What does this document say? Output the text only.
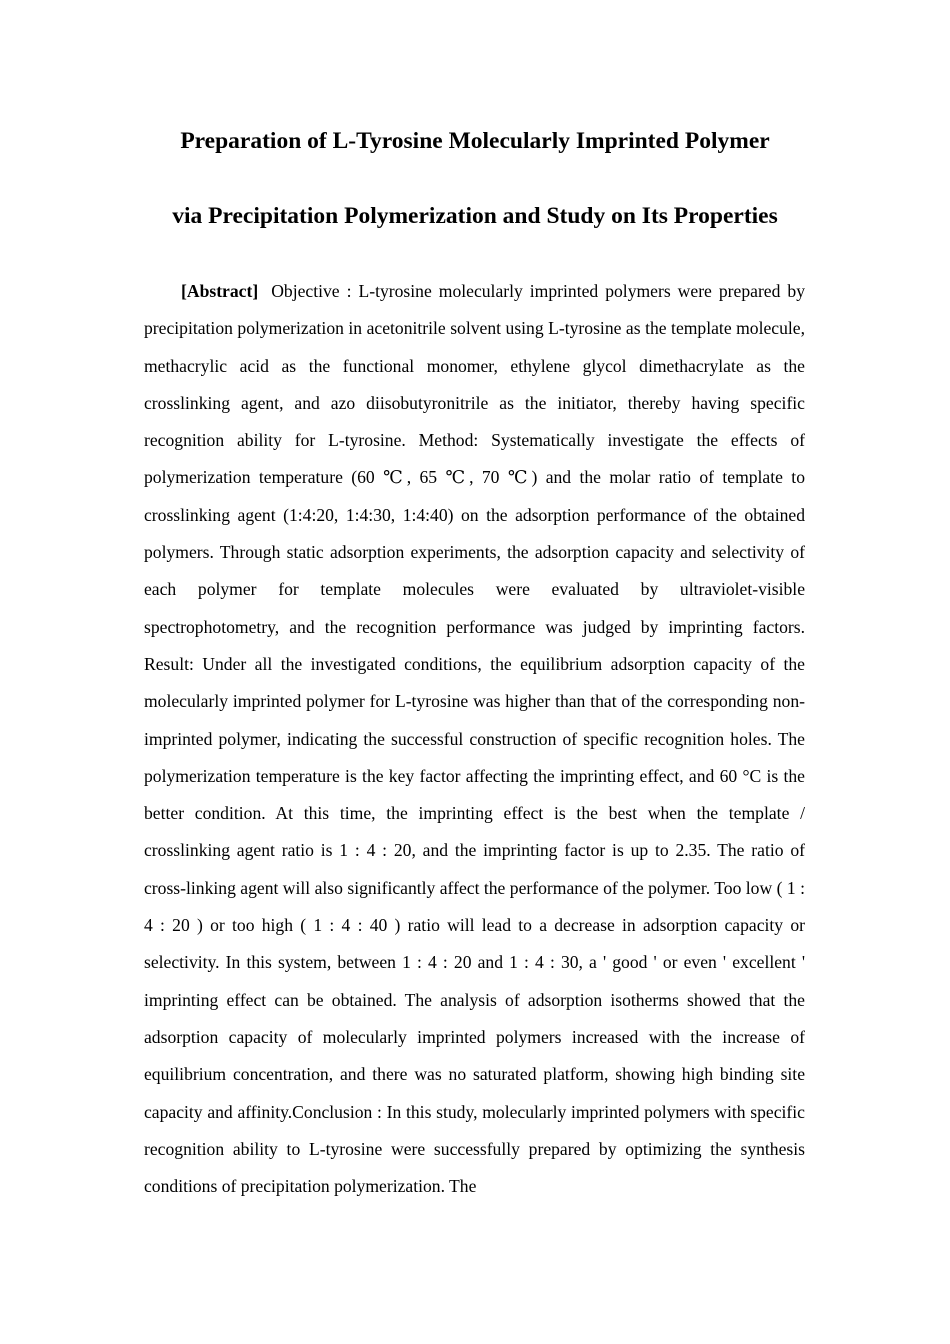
Preparation of L-Tyrosine Molecularly Imprinted Polymer
via Precipitation Polymerization and Study on Its Properties

[Abstract] Objective : L-tyrosine molecularly imprinted polymers were prepared by precipitation polymerization in acetonitrile solvent using L-tyrosine as the template molecule, methacrylic acid as the functional monomer, ethylene glycol dimethacrylate as the crosslinking agent, and azo diisobutyronitrile as the initiator, thereby having specific recognition ability for L-tyrosine. Method: Systematically investigate the effects of polymerization temperature (60 ℃, 65 ℃, 70 ℃) and the molar ratio of template to crosslinking agent (1:4:20, 1:4:30, 1:4:40) on the adsorption performance of the obtained polymers. Through static adsorption experiments, the adsorption capacity and selectivity of each polymer for template molecules were evaluated by ultraviolet-visible spectrophotometry, and the recognition performance was judged by imprinting factors. Result: Under all the investigated conditions, the equilibrium adsorption capacity of the molecularly imprinted polymer for L-tyrosine was higher than that of the corresponding non-imprinted polymer, indicating the successful construction of specific recognition holes. The polymerization temperature is the key factor affecting the imprinting effect, and 60 °C is the better condition. At this time, the imprinting effect is the best when the template / crosslinking agent ratio is 1 : 4 : 20, and the imprinting factor is up to 2.35. The ratio of cross-linking agent will also significantly affect the performance of the polymer. Too low ( 1 : 4 : 20 ) or too high ( 1 : 4 : 40 ) ratio will lead to a decrease in adsorption capacity or selectivity. In this system, between 1 : 4 : 20 and 1 : 4 : 30, a ' good ' or even ' excellent ' imprinting effect can be obtained. The analysis of adsorption isotherms showed that the adsorption capacity of molecularly imprinted polymers increased with the increase of equilibrium concentration, and there was no saturated platform, showing high binding site capacity and affinity.Conclusion : In this study, molecularly imprinted polymers with specific recognition ability to L-tyrosine were successfully prepared by optimizing the synthesis conditions of precipitation polymerization. The
